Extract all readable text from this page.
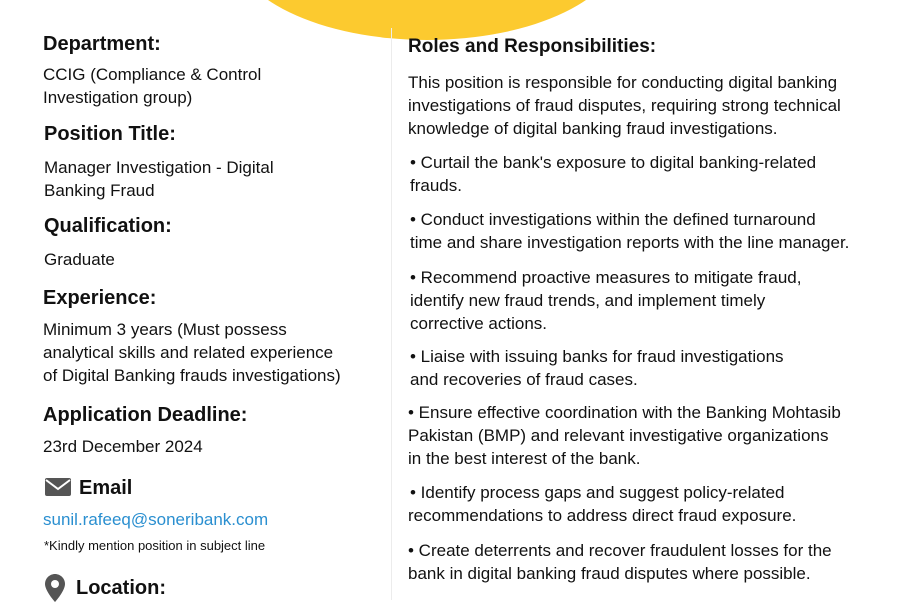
Department:
CCIG (Compliance & Control
Investigation group)
Position Title:
Manager Investigation - Digital
Banking Fraud
Qualification:
Graduate
Experience:
Minimum 3 years (Must possess
analytical skills and related experience
of Digital Banking frauds investigations)
Application Deadline:
23rd December 2024
Email
sunil.rafeeq@soneribank.com
*Kindly mention position in subject line
Location:
Roles and Responsibilities:
This position is responsible for conducting digital banking
investigations of fraud disputes, requiring strong technical
knowledge of digital banking fraud investigations.
• Curtail the bank's exposure to digital banking-related
frauds.
• Conduct investigations within the defined turnaround
time and share investigation reports with the line manager.
• Recommend proactive measures to mitigate fraud,
identify new fraud trends, and implement timely
corrective actions.
• Liaise with issuing banks for fraud investigations
and recoveries of fraud cases.
• Ensure effective coordination with the Banking Mohtasib
Pakistan (BMP) and relevant investigative organizations
in the best interest of the bank.
• Identify process gaps and suggest policy-related
recommendations to address direct fraud exposure.
• Create deterrents and recover fraudulent losses for the
bank in digital banking fraud disputes where possible.
